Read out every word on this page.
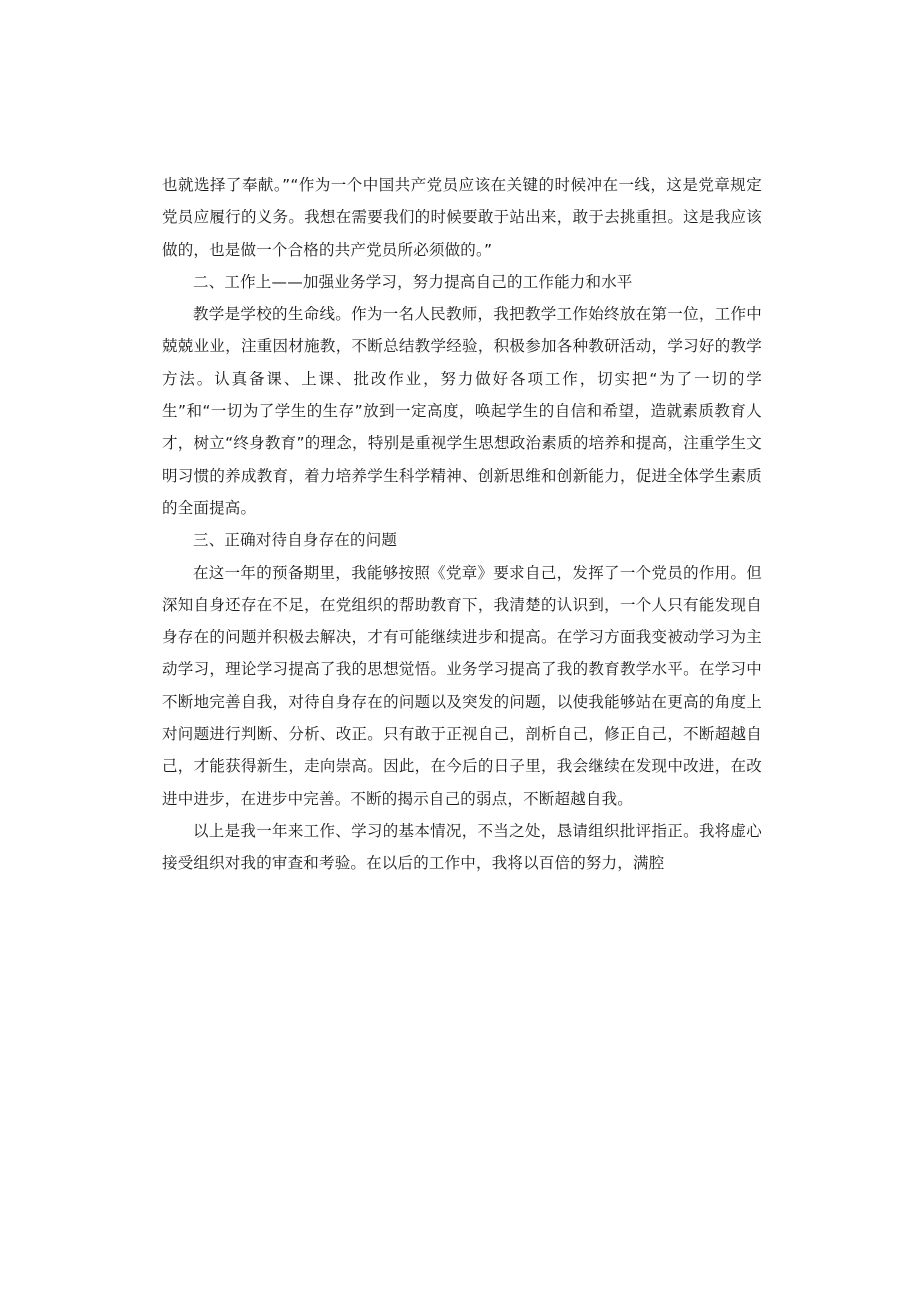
也就选择了奉献。”“作为一个中国共产党员应该在关键的时候冲在一线，这是党章规定党员应履行的义务。我想在需要我们的时候要敢于站出来，敢于去挑重担。这是我应该做的，也是做一个合格的共产党员所必须做的。”

二、工作上——加强业务学习，努力提高自己的工作能力和水平

教学是学校的生命线。作为一名人民教师，我把教学工作始终放在第一位，工作中兢兢业业，注重因材施教，不断总结教学经验，积极参加各种教研活动，学习好的教学方法。认真备课、上课、批改作业，努力做好各项工作，切实把“为了一切的学生”和“一切为了学生的生存”放到一定高度，唤起学生的自信和希望，造就素质教育人才，树立“终身教育”的理念，特别是重视学生思想政治素质的培养和提高，注重学生文明习惯的养成教育，着力培养学生科学精神、创新思维和创新能力，促进全体学生素质的全面提高。

三、正确对待自身存在的问题

在这一年的预备期里，我能够按照《党章》要求自己，发挥了一个党员的作用。但深知自身还存在不足，在党组织的帮助教育下，我清楚的认识到，一个人只有能发现自身存在的问题并积极去解决，才有可能继续进步和提高。在学习方面我变被动学习为主动学习，理论学习提高了我的思想觉悟。业务学习提高了我的教育教学水平。在学习中不断地完善自我，对待自身存在的问题以及突发的问题，以使我能够站在更高的角度上对问题进行判断、分析、改正。只有敢于正视自己，剖析自己，修正自己，不断超越自己，才能获得新生，走向崇高。因此，在今后的日子里，我会继续在发现中改进，在改进中进步，在进步中完善。不断的揭示自己的弱点，不断超越自我。

以上是我一年来工作、学习的基本情况，不当之处，恳请组织批评指正。我将虚心接受组织对我的审查和考验。在以后的工作中，我将以百倍的努力，满腔
